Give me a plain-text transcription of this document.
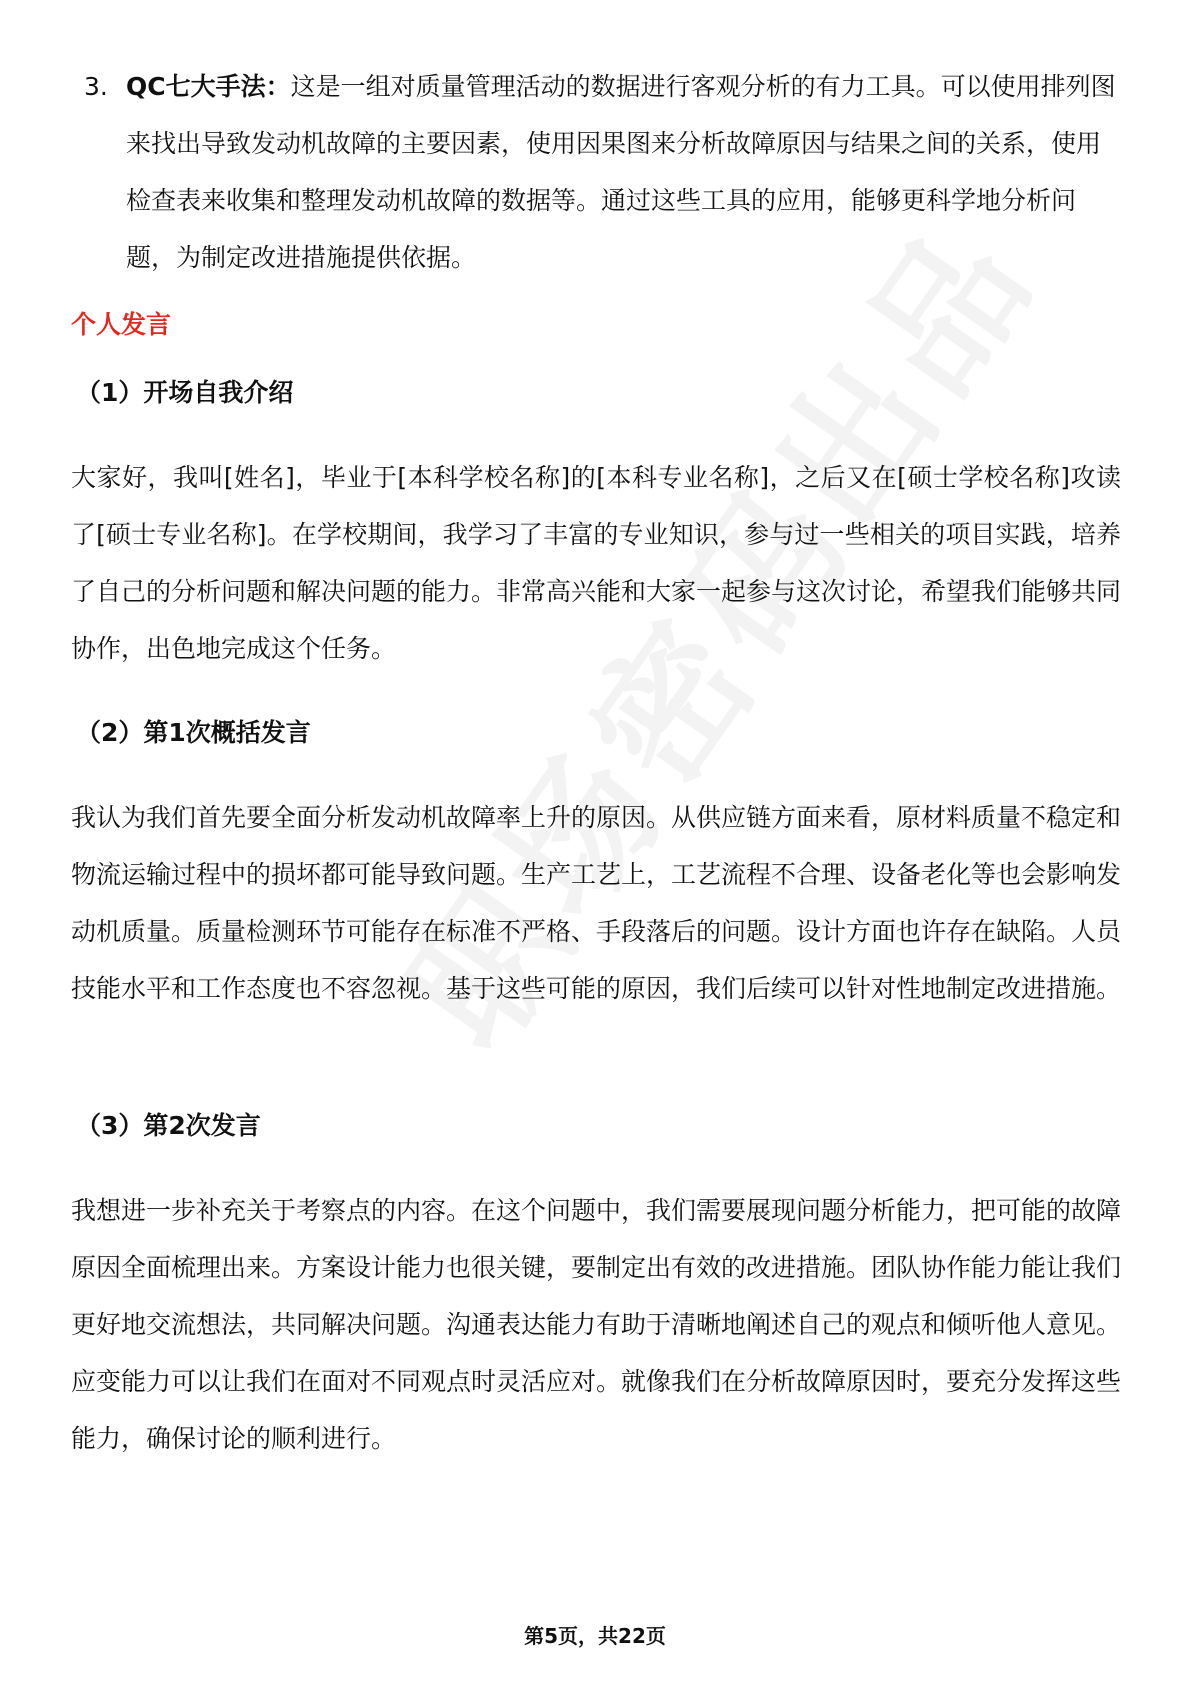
3. QC七大手法：这是一组对质量管理活动的数据进行客观分析的有力工具。可以使用排列图来找出导致发动机故障的主要因素，使用因果图来分析故障原因与结果之间的关系，使用检查表来收集和整理发动机故障的数据等。通过这些工具的应用，能够更科学地分析问题，为制定改进措施提供依据。
个人发言
（1）开场自我介绍
大家好，我叫[姓名]，毕业于[本科学校名称]的[本科专业名称]，之后又在[硕士学校名称]攻读了[硕士专业名称]。在学校期间，我学习了丰富的专业知识，参与过一些相关的项目实践，培养了自己的分析问题和解决问题的能力。非常高兴能和大家一起参与这次讨论，希望我们能够共同协作，出色地完成这个任务。
（2）第1次概括发言
我认为我们首先要全面分析发动机故障率上升的原因。从供应链方面来看，原材料质量不稳定和物流运输过程中的损坏都可能导致问题。生产工艺上，工艺流程不合理、设备老化等也会影响发动机质量。质量检测环节可能存在标准不严格、手段落后的问题。设计方面也许存在缺陷。人员技能水平和工作态度也不容忽视。基于这些可能的原因，我们后续可以针对性地制定改进措施。
（3）第2次发言
我想进一步补充关于考察点的内容。在这个问题中，我们需要展现问题分析能力，把可能的故障原因全面梳理出来。方案设计能力也很关键，要制定出有效的改进措施。团队协作能力能让我们更好地交流想法，共同解决问题。沟通表达能力有助于清晰地阐述自己的观点和倾听他人意见。应变能力可以让我们在面对不同观点时灵活应对。就像我们在分析故障原因时，要充分发挥这些能力，确保讨论的顺利进行。
第5页，共22页
